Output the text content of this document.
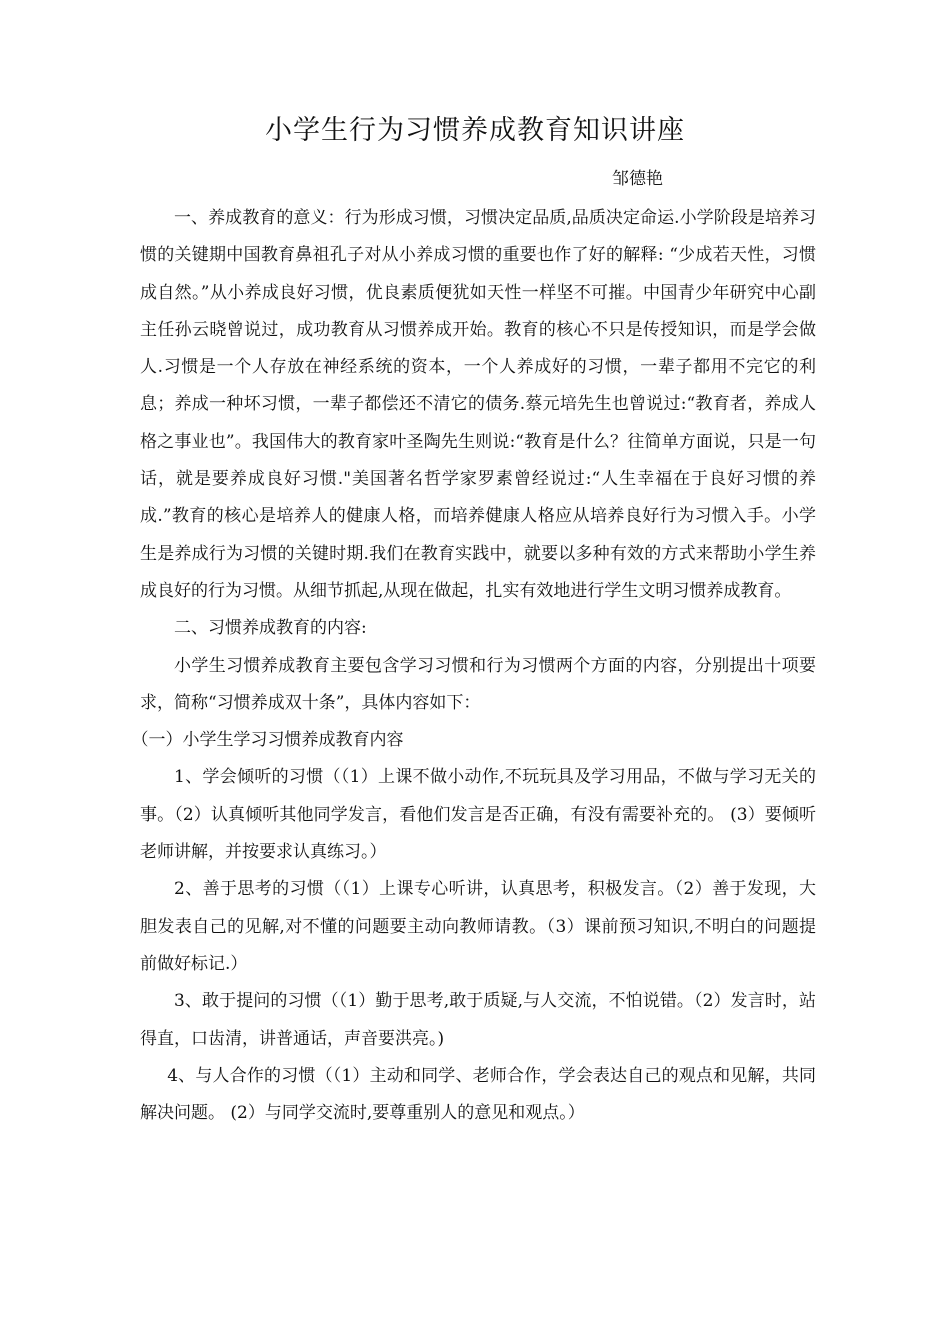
小学生行为习惯养成教育知识讲座
邹德艳

一、养成教育的意义：行为形成习惯，习惯决定品质,品质决定命运.小学阶段是培养习惯的关键期中国教育鼻祖孔子对从小养成习惯的重要也作了好的解释: “少成若天性，习惯成自然。”从小养成良好习惯，优良素质便犹如天性一样坚不可摧。中国青少年研究中心副主任孙云晓曾说过，成功教育从习惯养成开始。教育的核心不只是传授知识，而是学会做人.习惯是一个人存放在神经系统的资本，一个人养成好的习惯，一辈子都用不完它的利息；养成一种坏习惯，一辈子都偿还不清它的债务.蔡元培先生也曾说过:“教育者，养成人格之事业也”。我国伟大的教育家叶圣陶先生则说:“教育是什么？往简单方面说，只是一句话，就是要养成良好习惯."美国著名哲学家罗素曾经说过:“人生幸福在于良好习惯的养成.”教育的核心是培养人的健康人格，而培养健康人格应从培养良好行为习惯入手。小学生是养成行为习惯的关键时期.我们在教育实践中，就要以多种有效的方式来帮助小学生养成良好的行为习惯。从细节抓起,从现在做起，扎实有效地进行学生文明习惯养成教育。

二、习惯养成教育的内容:

小学生习惯养成教育主要包含学习习惯和行为习惯两个方面的内容，分别提出十项要求，简称“习惯养成双十条”，具体内容如下：

（一）小学生学习习惯养成教育内容

1、学会倾听的习惯（（1）上课不做小动作,不玩玩具及学习用品，不做与学习无关的事。（2）认真倾听其他同学发言，看他们发言是否正确，有没有需要补充的。 (3）要倾听老师讲解，并按要求认真练习。）

2、善于思考的习惯（（1）上课专心听讲，认真思考，积极发言。（2）善于发现，大胆发表自己的见解,对不懂的问题要主动向教师请教。（3）课前预习知识,不明白的问题提前做好标记.）

3、敢于提问的习惯（（1）勤于思考,敢于质疑,与人交流，不怕说错。（2）发言时，站得直，口齿清，讲普通话，声音要洪亮。)

4、与人合作的习惯（（1）主动和同学、老师合作，学会表达自己的观点和见解，共同解决问题。 (2）与同学交流时,要尊重别人的意见和观点。）
